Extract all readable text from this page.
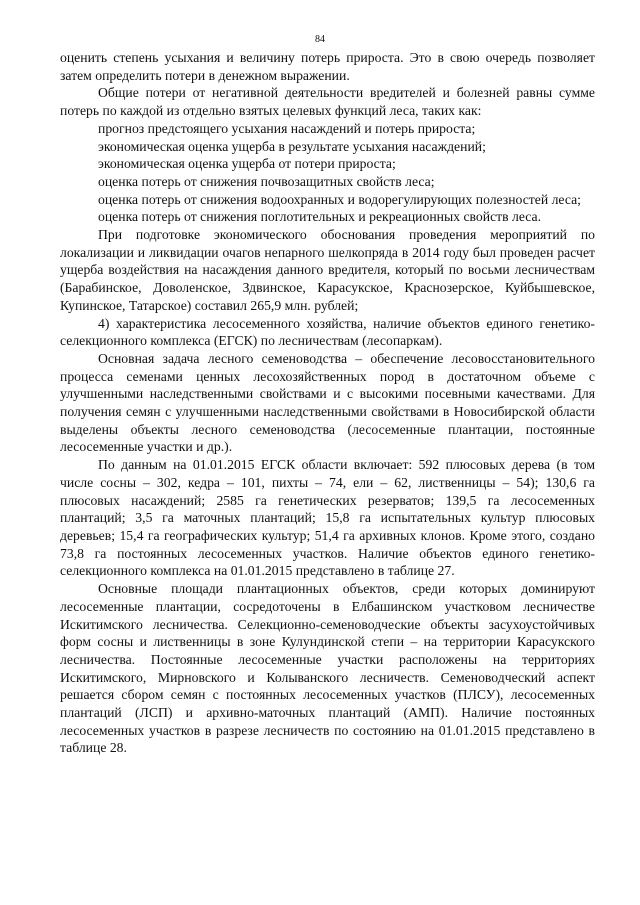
84

оценить степень усыхания и величину потерь прироста. Это в свою очередь позволяет затем определить потери в денежном выражении.

Общие потери от негативной деятельности вредителей и болезней равны сумме потерь по каждой из отдельно взятых целевых функций леса, таких как:

прогноз предстоящего усыхания насаждений и потерь прироста;

экономическая оценка ущерба в результате усыхания насаждений;

экономическая оценка ущерба от потери прироста;

оценка потерь от снижения почвозащитных свойств леса;

оценка потерь от снижения водоохранных и водорегулирующих полезностей леса;

оценка потерь от снижения поглотительных и рекреационных свойств леса.

При подготовке экономического обоснования проведения мероприятий по локализации и ликвидации очагов непарного шелкопряда в 2014 году был проведен расчет ущерба воздействия на насаждения данного вредителя, который по восьми лесничествам (Барабинское, Доволенское, Здвинское, Карасукское, Краснозерское, Куйбышевское, Купинское, Татарское) составил 265,9 млн. рублей;

4) характеристика лесосеменного хозяйства, наличие объектов единого генетико-селекционного комплекса (ЕГСК) по лесничествам (лесопаркам).

Основная задача лесного семеноводства – обеспечение лесовосстановительного процесса семенами ценных лесохозяйственных пород в достаточном объеме с улучшенными наследственными свойствами и с высокими посевными качествами. Для получения семян с улучшенными наследственными свойствами в Новосибирской области выделены объекты лесного семеноводства (лесосеменные плантации, постоянные лесосеменные участки и др.).

По данным на 01.01.2015 ЕГСК области включает: 592 плюсовых дерева (в том числе сосны – 302, кедра – 101, пихты – 74, ели – 62, лиственницы – 54); 130,6 га плюсовых насаждений; 2585 га генетических резерватов; 139,5 га лесосеменных плантаций; 3,5 га маточных плантаций; 15,8 га испытательных культур плюсовых деревьев; 15,4 га географических культур; 51,4 га архивных клонов. Кроме этого, создано 73,8 га постоянных лесосеменных участков. Наличие объектов единого генетико-селекционного комплекса на 01.01.2015 представлено в таблице 27.

Основные площади плантационных объектов, среди которых доминируют лесосеменные плантации, сосредоточены в Елбашинском участковом лесничестве Искитимского лесничества. Селекционно-семеноводческие объекты засухоустойчивых форм сосны и лиственницы в зоне Кулундинской степи – на территории Карасукского лесничества. Постоянные лесосеменные участки расположены на территориях Искитимского, Мирновского и Колыванского лесничеств. Семеноводческий аспект решается сбором семян с постоянных лесосеменных участков (ПЛСУ), лесосеменных плантаций (ЛСП) и архивно-маточных плантаций (АМП). Наличие постоянных лесосеменных участков в разрезе лесничеств по состоянию на 01.01.2015 представлено в таблице 28.
